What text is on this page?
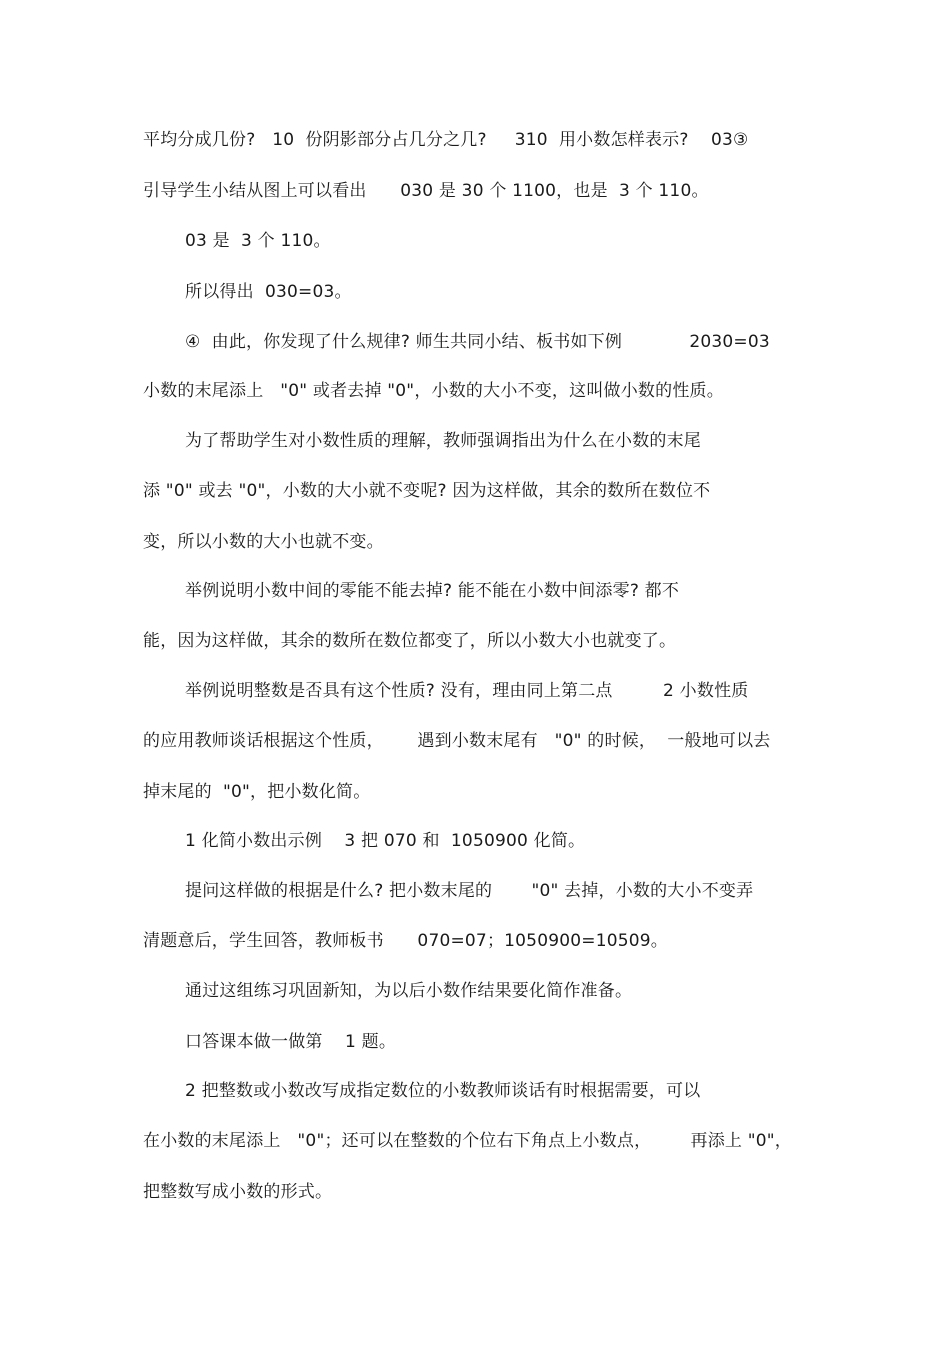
平均分成几份?   10  份阴影部分占几分之几?     310  用小数怎样表示?    03③
引导学生小结从图上可以看出      030 是 30 个 1100，也是  3 个 110。
03 是  3 个 110。
所以得出  030=03。
④  由此，你发现了什么规律? 师生共同小结、板书如下例            2030=03
小数的末尾添上   "0" 或者去掉 "0"，小数的大小不变，这叫做小数的性质。
为了帮助学生对小数性质的理解，教师强调指出为什么在小数的末尾
添 "0" 或去 "0"，小数的大小就不变呢? 因为这样做，其余的数所在数位不
变，所以小数的大小也就不变。
举例说明小数中间的零能不能去掉? 能不能在小数中间添零? 都不
能，因为这样做，其余的数所在数位都变了，所以小数大小也就变了。
举例说明整数是否具有这个性质? 没有，理由同上第二点         2 小数性质
的应用教师谈话根据这个性质，      遇到小数末尾有   "0" 的时候，  一般地可以去
掉末尾的  "0"，把小数化简。
1 化简小数出示例    3 把 070 和  1050900 化简。
提问这样做的根据是什么? 把小数末尾的       "0" 去掉，小数的大小不变弄
清题意后，学生回答，教师板书      070=07；1050900=10509。
通过这组练习巩固新知，为以后小数作结果要化简作准备。
口答课本做一做第    1 题。
2 把整数或小数改写成指定数位的小数教师谈话有时根据需要，可以
在小数的末尾添上   "0"；还可以在整数的个位右下角点上小数点，       再添上 "0"，
把整数写成小数的形式。
